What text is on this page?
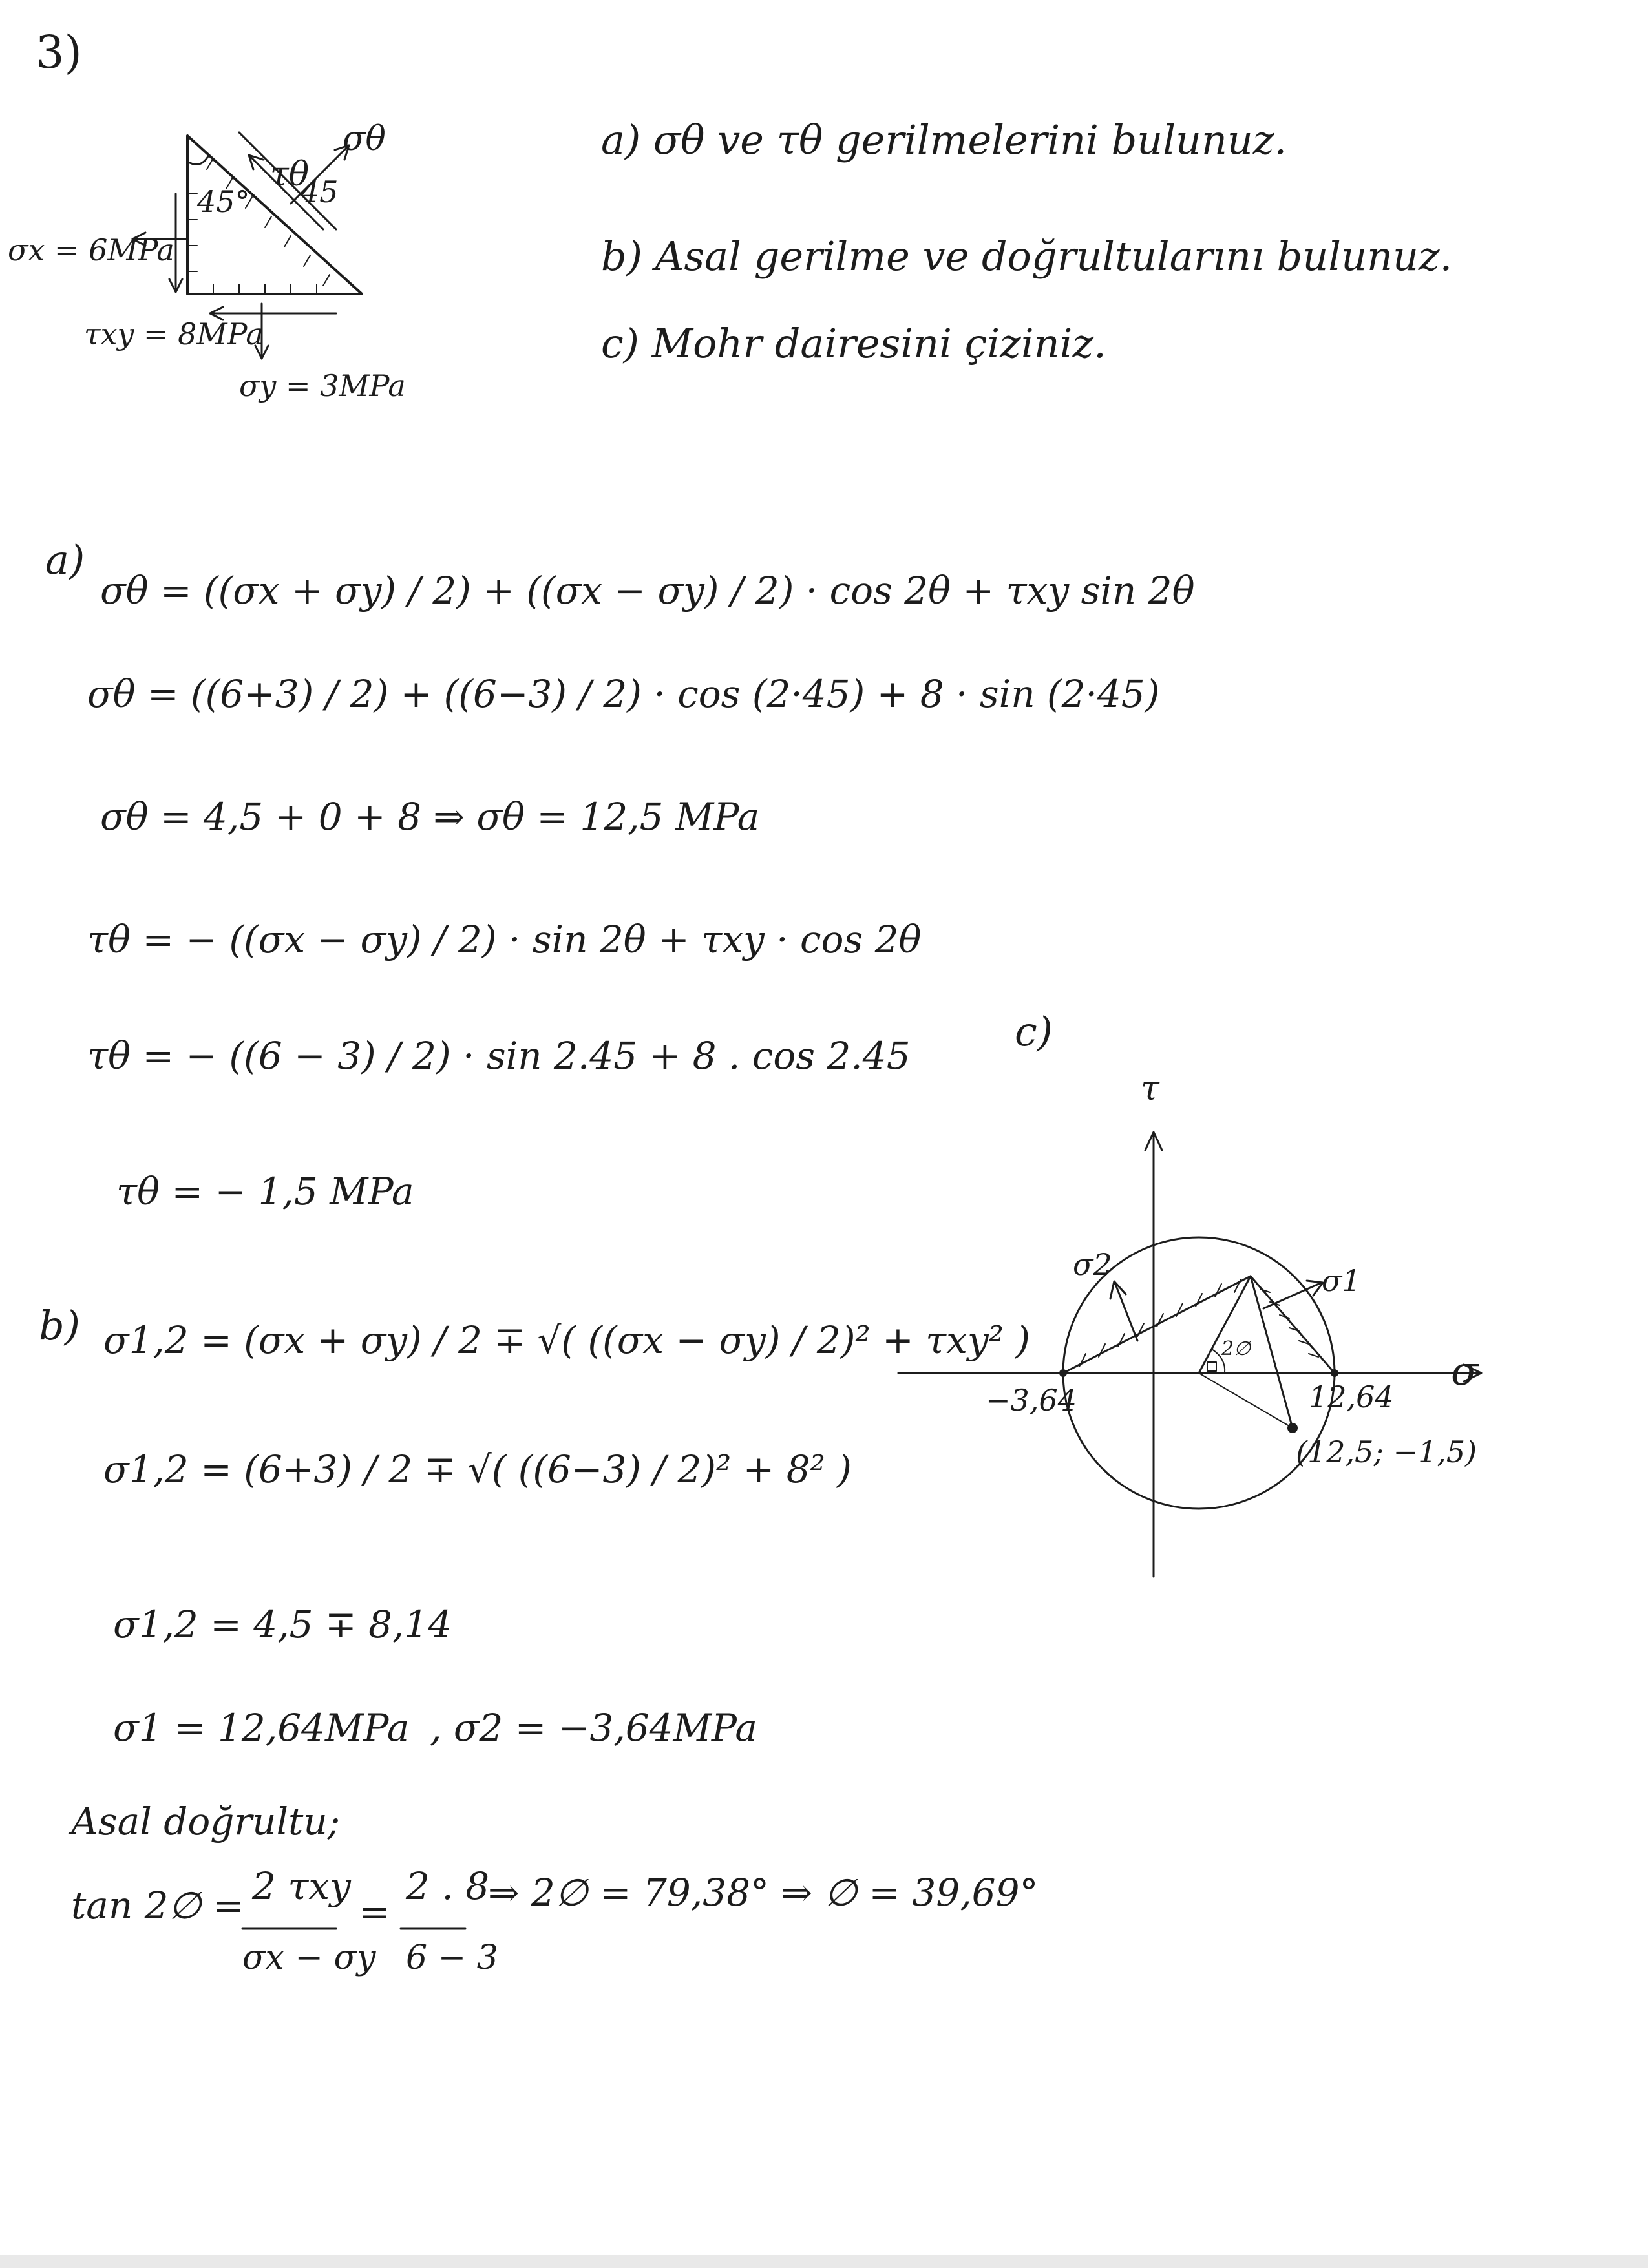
3)
45° 45
σθ
τθ
σx = 6MPa
τxy = 8MPa
σy = 3MPa
a) σθ ve τθ gerilmelerini bulunuz.
b) Asal gerilme ve doğrultularını bulunuz.
c) Mohr dairesini çiziniz.
a)
σθ = ((σx + σy) / 2) + ((σx − σy) / 2) · cos 2θ + τxy sin 2θ
σθ = ((6+3) / 2) + ((6−3) / 2) · cos (2·45) + 8 · sin (2·45)
σθ = 4,5 + 0 + 8 ⇒ σθ = 12,5 MPa
τθ = − ((σx − σy) / 2) · sin 2θ + τxy · cos 2θ
τθ = − ((6 − 3) / 2) · sin 2.45 + 8 . cos 2.45
τθ = − 1,5 MPa
b) σ1,2 = (σx + σy) / 2 ∓ √( ((σx − σy) / 2)² + τxy² )
σ1,2 = (6+3) / 2 ∓ √( ((6−3) / 2)² + 8² )
σ1,2 = 4,5 ∓ 8,14
σ1 = 12,64MPa , σ2 = −3,64MPa
Asal doğrultu;
tan 2∅ = 2 τxy
σx − σy
=
2 . 8
6 − 3
⇒ 2∅ = 79,38° ⇒ ∅ = 39,69°
c)
τ
σ
σ1
σ2
−3,64	12,64
(12,5; −1,5)
2∅
